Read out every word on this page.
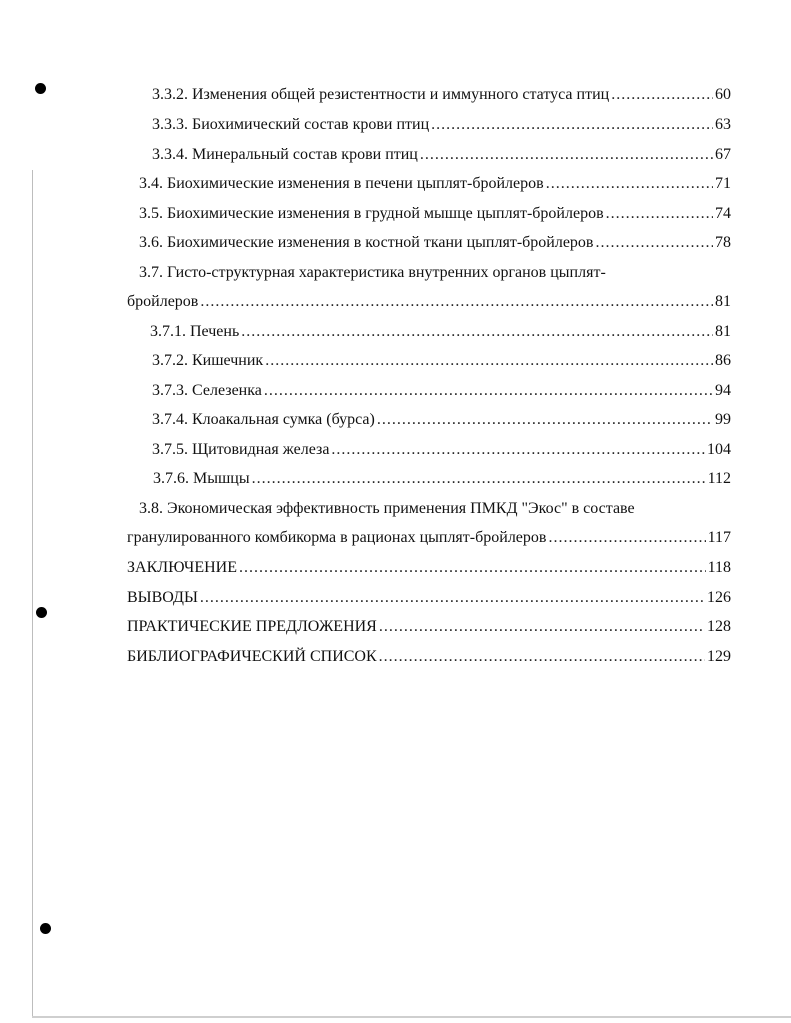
3.3.2. Изменения общей резистентности и иммунного статуса птиц .....	60
3.3.3. Биохимический состав крови птиц .....	63
3.3.4. Минеральный состав крови птиц .....	67
3.4. Биохимические изменения в печени цыплят-бройлеров .....	71
3.5. Биохимические изменения в грудной мышце цыплят-бройлеров .....	74
3.6. Биохимические изменения в костной ткани цыплят-бройлеров .....	78
3.7. Гисто-структурная характеристика внутренних органов цыплят-
бройлеров .....	81
3.7.1. Печень .....	81
3.7.2. Кишечник .....	86
3.7.3. Селезенка .....	94
3.7.4. Клоакальная сумка (бурса) .....	99
3.7.5. Щитовидная железа .....	104
3.7.6. Мышцы .....	112
3.8. Экономическая эффективность применения ПМКД "Экос" в составе
гранулированного комбикорма в рационах цыплят-бройлеров .....	117
ЗАКЛЮЧЕНИЕ .....	118
ВЫВОДЫ .....	126
ПРАКТИЧЕСКИЕ ПРЕДЛОЖЕНИЯ .....	128
БИБЛИОГРАФИЧЕСКИЙ СПИСОК .....	129
